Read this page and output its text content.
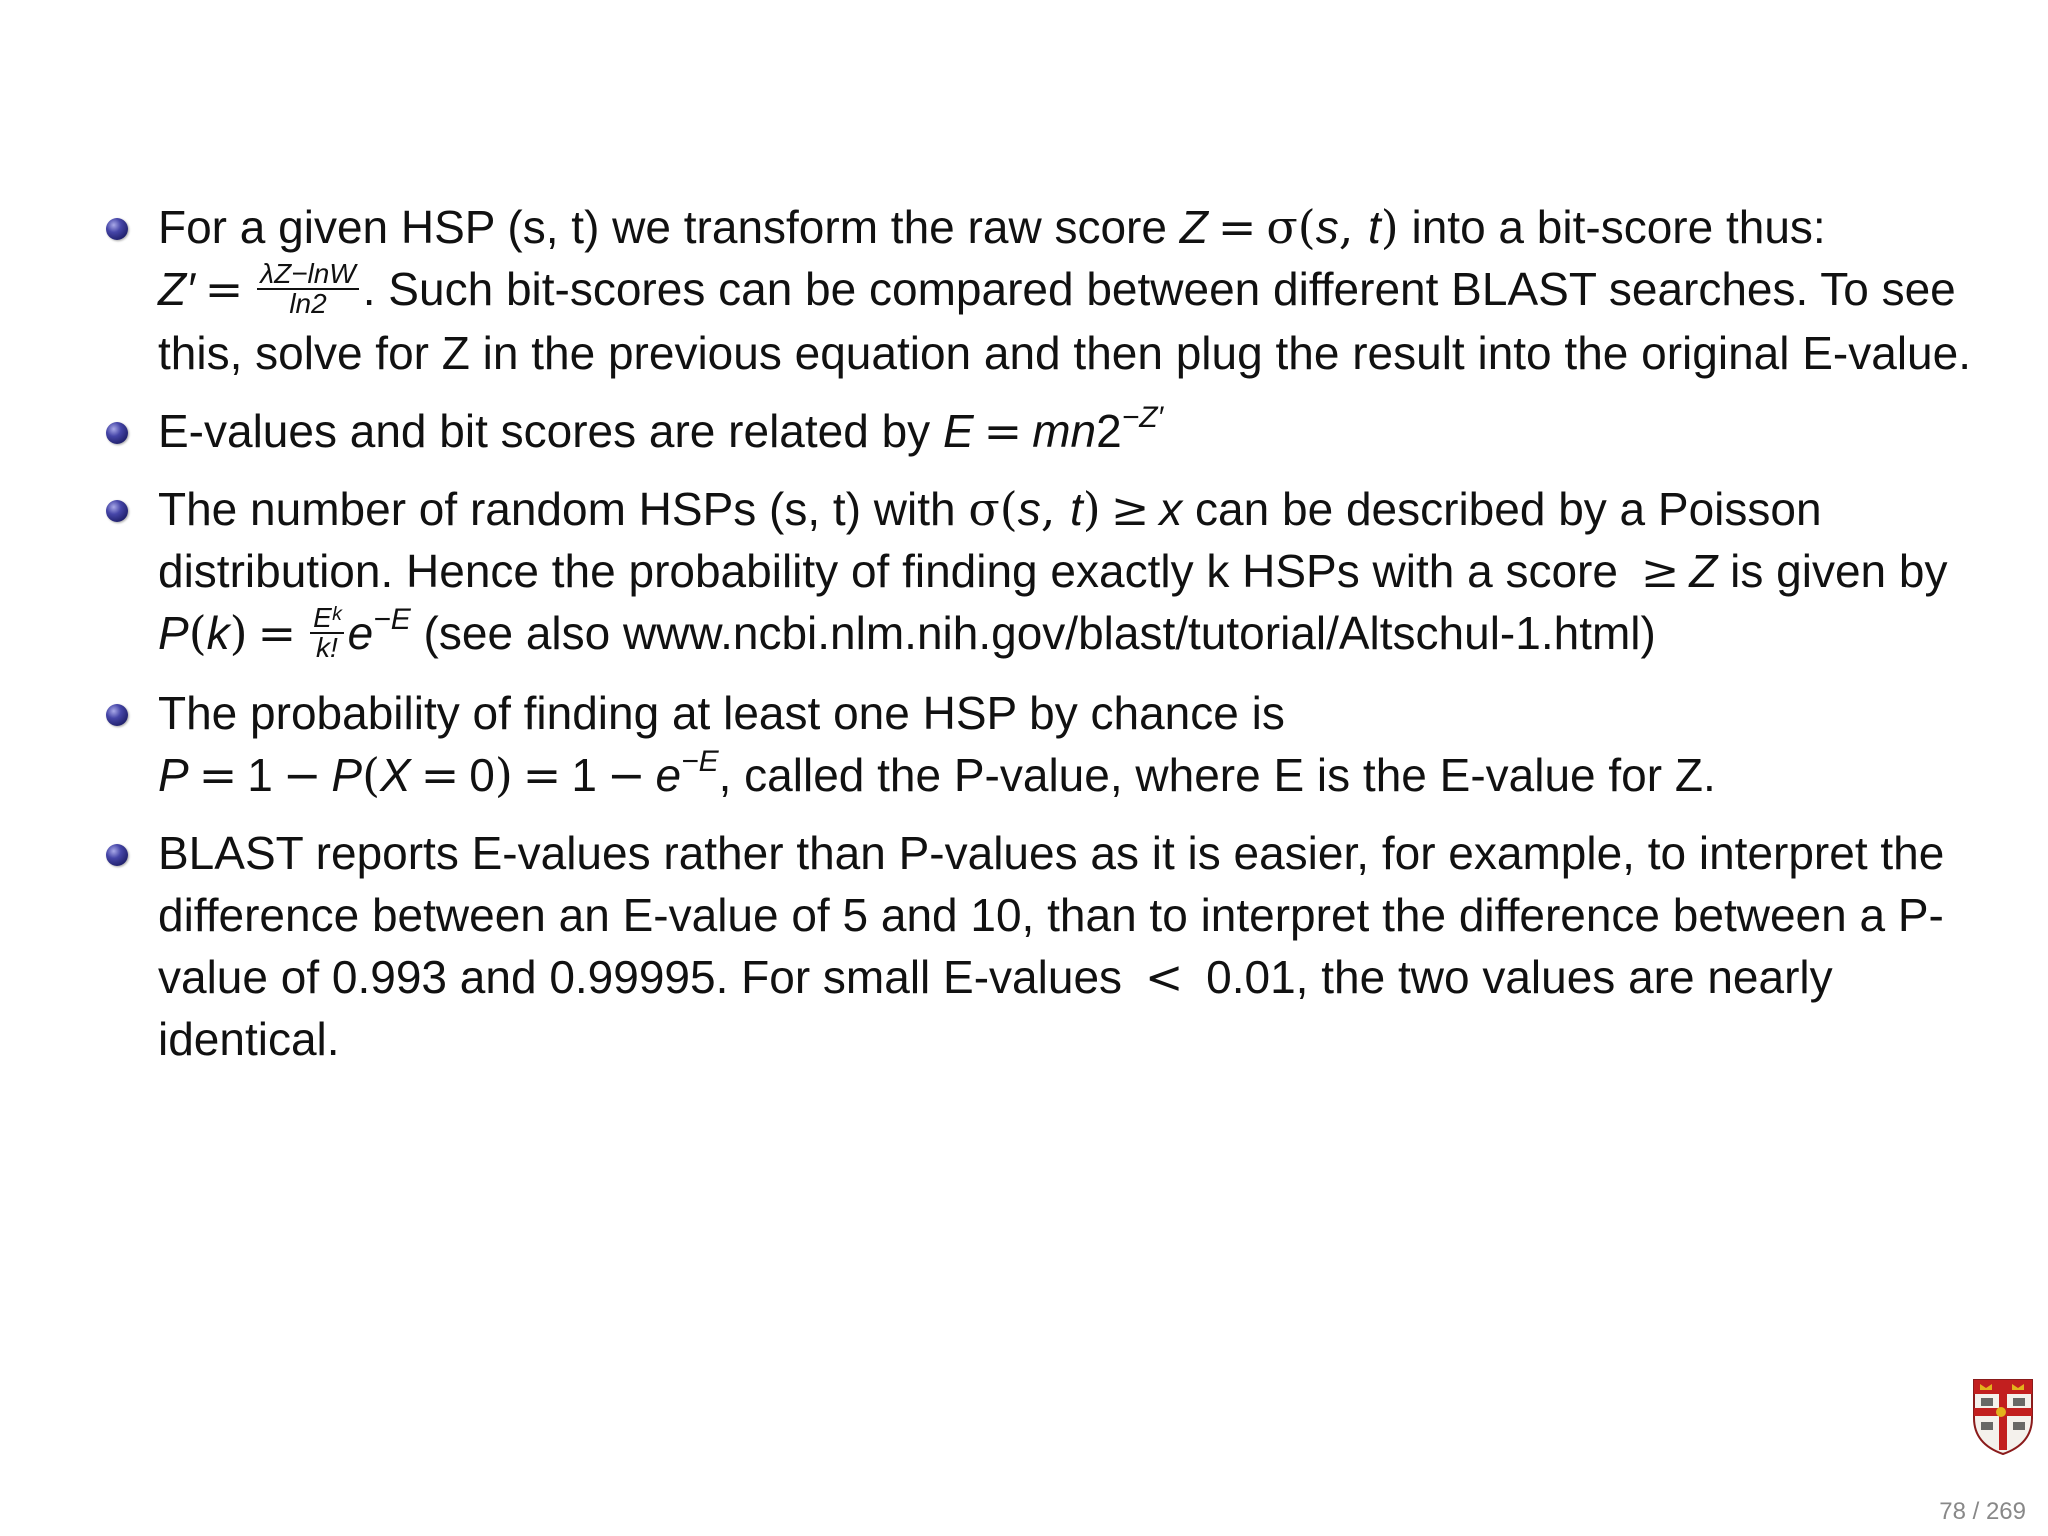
For a given HSP (s, t) we transform the raw score Z = σ(s, t) into a bit-score thus:
$Z' = \frac{\lambda Z-\ln W}{\ln 2}$ . Such bit-scores can be compared between different BLAST searches. To see this, solve for Z in the previous equation and then plug the result into the original E-value.
E-values and bit scores are related by $E = mn2^{-Z'}$
The number of random HSPs (s, t) with σ(s, t) ≥ x can be described by a Poisson distribution. Hence the probability of finding exactly k HSPs with a score ≥ Z is given by $P(k) = \frac{\text{Eᵏ}}{k!} e^{-E}$ (see also www.ncbi.nlm.nih.gov/blast/tutorial/Altschul-1.html)
The probability of finding at least one HSP by chance is
$P = 1 - P(X = 0) = 1 - e^{-E}$, called the P-value, where E is the E-value for Z.
BLAST reports E-values rather than P-values as it is easier, for example, to interpret the difference between an E-value of 5 and 10, than to interpret the difference between a P-value of 0.993 and 0.99995. For small E-values < 0.01, the two values are nearly identical.
78 / 269
